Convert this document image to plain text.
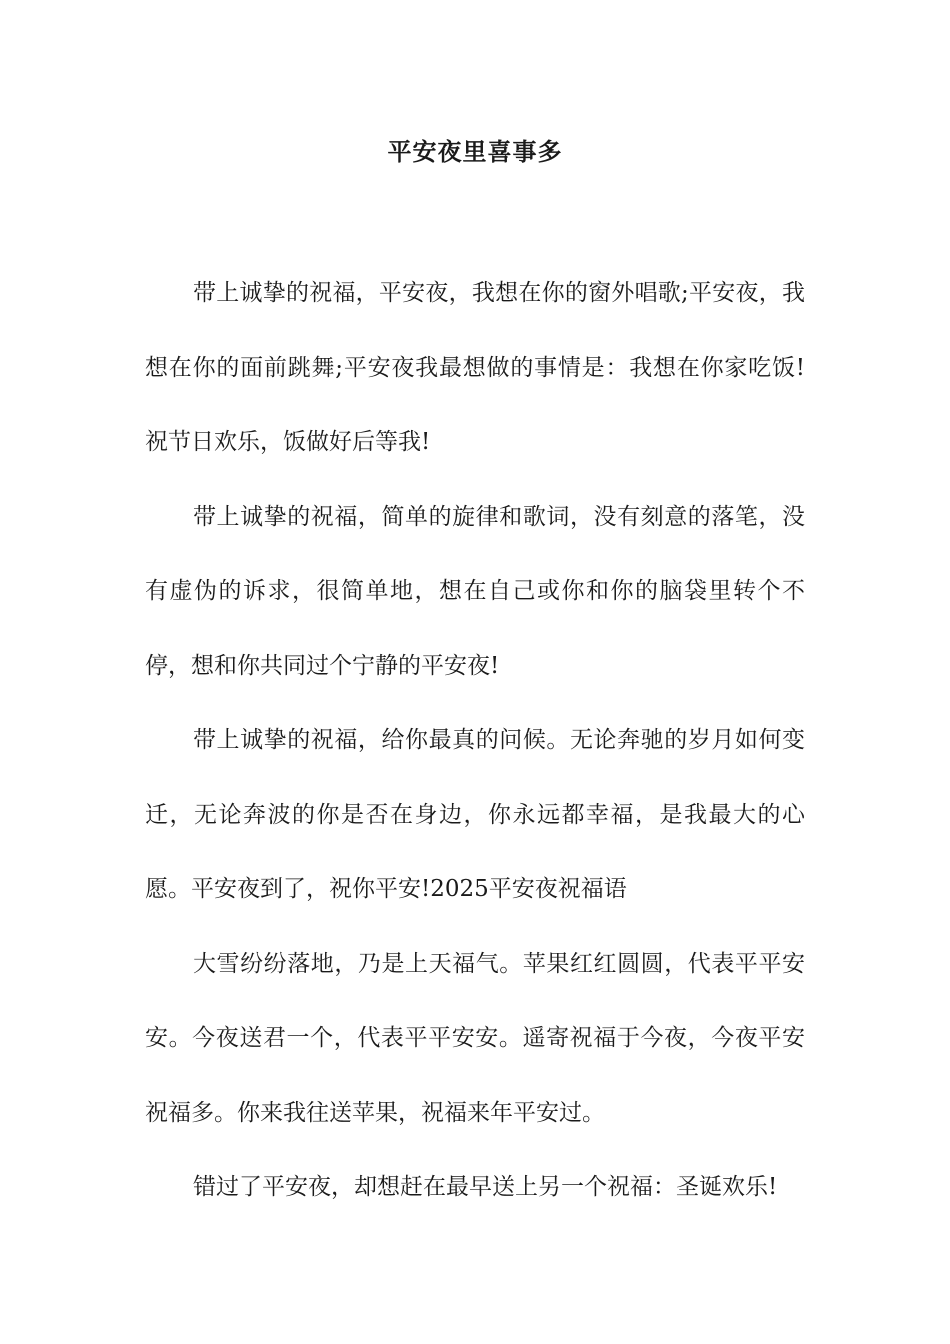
平安夜里喜事多

带上诚挚的祝福，平安夜，我想在你的窗外唱歌;平安夜，我想在你的面前跳舞;平安夜我最想做的事情是：我想在你家吃饭!祝节日欢乐，饭做好后等我!

带上诚挚的祝福，简单的旋律和歌词，没有刻意的落笔，没有虚伪的诉求，很简单地，想在自己或你和你的脑袋里转个不停，想和你共同过个宁静的平安夜!

带上诚挚的祝福，给你最真的问候。无论奔驰的岁月如何变迁，无论奔波的你是否在身边，你永远都幸福，是我最大的心愿。平安夜到了，祝你平安!2025平安夜祝福语

大雪纷纷落地，乃是上天福气。苹果红红圆圆，代表平平安安。今夜送君一个，代表平平安安。遥寄祝福于今夜，今夜平安祝福多。你来我往送苹果，祝福来年平安过。

错过了平安夜，却想赶在最早送上另一个祝福：圣诞欢乐!
